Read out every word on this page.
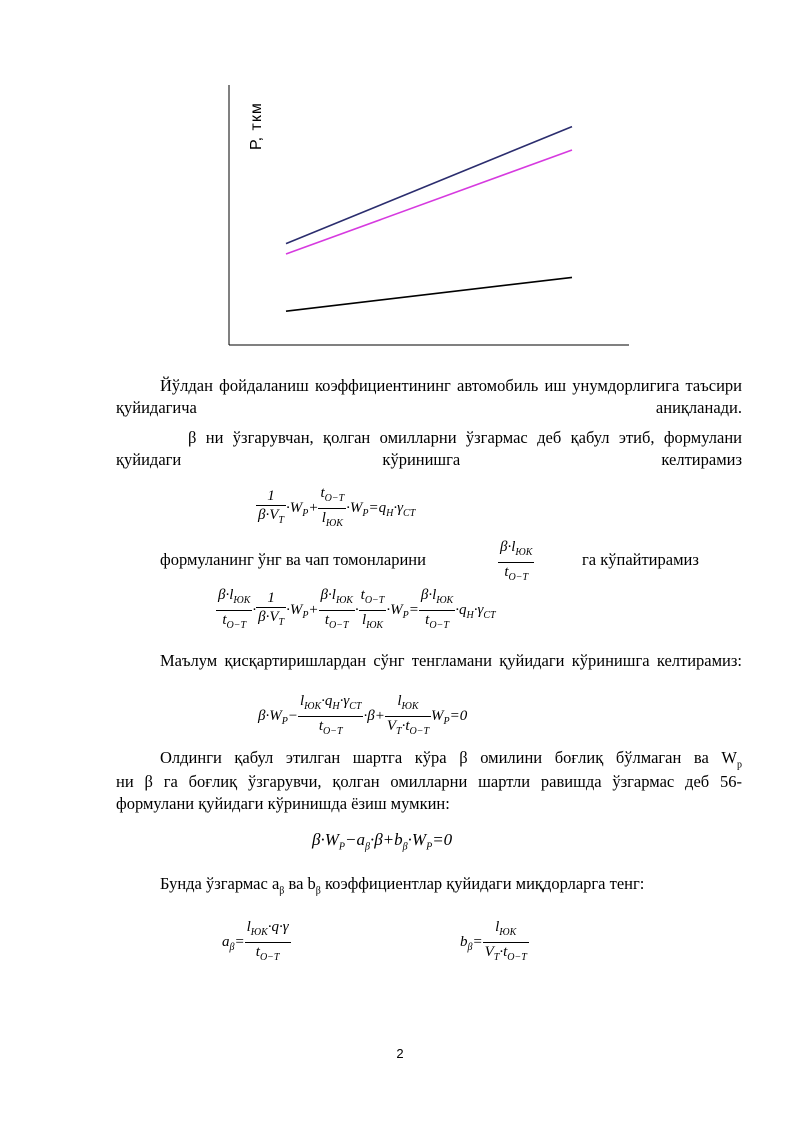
Р, ткм
Йўлдан фойдаланиш коэффициентининг автомобиль иш унумдорлигига таъсири қуйидагича аниқланади.
β ни ўзгарувчан, қолган омилларни ўзгармас деб қабул этиб, формулани қуйидаги кўринишга келтирамиз
$\frac{1}{\beta\cdot V_T} \cdot W_P+ \frac{t_{O-T}}{l_{ЮК}} \cdot W_P=q_H\cdot\gamma_{CT}$
формуланинг ўнг ва чап томонларини	$\frac{\beta\cdot l_{ЮК}}{t_{O-T}}$	га кўпайтирамиз
$\frac{\beta\cdot l_{ЮК}}{t_{O-T}} \cdot \frac{1}{\beta\cdot V_T} \cdot W_P+ \frac{\beta\cdot l_{ЮК}}{t_{O-T}} \cdot \frac{t_{O-T}}{l_{ЮК}} \cdot W_P= \frac{\beta\cdot l_{ЮК}}{t_{O-T}} \cdot q_H\cdot\gamma_{CT}$
Маълум қисқартиришлардан сўнг тенгламани қуйидаги кўринишга келтирамиз:
$\beta\cdot W_P- \frac{l_{ЮК}\cdot q_H\cdot\gamma_{CT}}{t_{O-T}} \cdot\beta+ \frac{l_{ЮК}}{V_T\cdot t_{O-T}} W_P=0$
Олдинги қабул этилган шартга кўра β омилини боғлиқ бўлмаган ва $W_р$
ни β га боғлиқ ўзгарувчи, қолган омилларни шартли равишда ўзгармас деб 56- формулани қуйидаги кўринишда ёзиш мумкин:
$\beta\cdot W_P-a_\beta\cdot\beta+b_\beta\cdot W_P=0$
Бунда ўзгармас $a_\beta$ ва $b_\beta$ коэффициентлар қуйидаги миқдорларга тенг:
$a_\beta= \frac{l_{ЮК}\cdot q\cdot\gamma}{t_{O-T}}$	$b_\beta= \frac{l_{ЮК}}{V_T\cdot t_{O-T}}$
2
